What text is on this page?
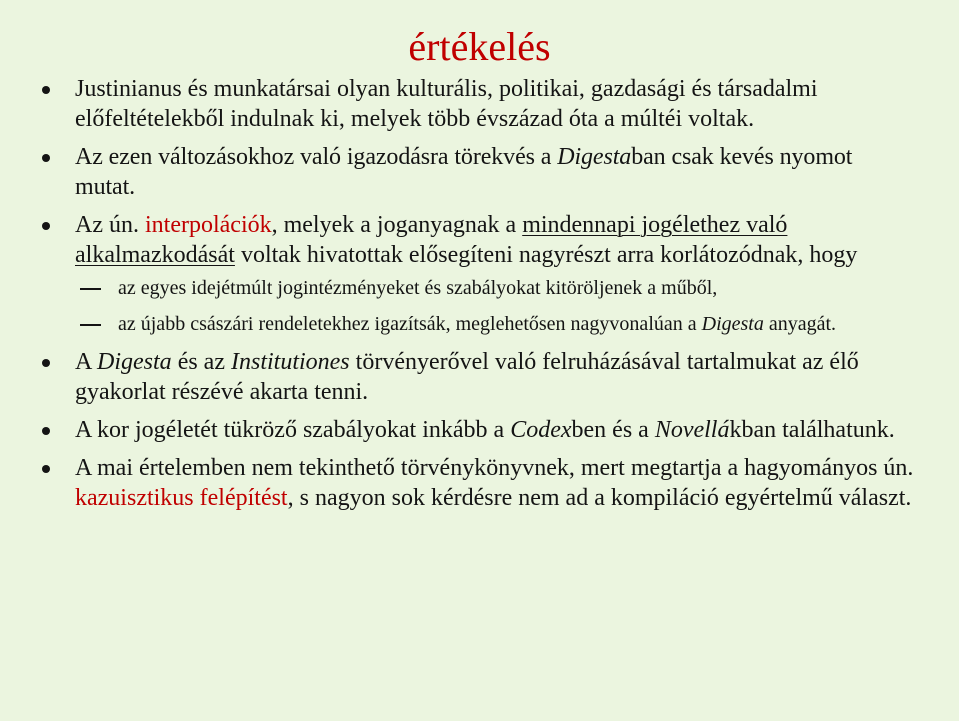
értékelés
Justinianus és munkatársai olyan kulturális, politikai, gazdasági és társadalmi előfeltételekből indulnak ki, melyek több évszázad óta a múltéi voltak.
Az ezen változásokhoz való igazodásra törekvés a Digestaban csak kevés nyomot mutat.
Az ún. interpolációk, melyek a joganyagnak a mindennapi jogélethez való alkalmazkodását voltak hivatottak elősegíteni nagyrészt arra korlátozódnak, hogy
az egyes idejétmúlt jogintézményeket és szabályokat kitöröljenek a műből,
az újabb császári rendeletekhez igazítsák, meglehetősen nagyvonalúan a Digesta anyagát.
A Digesta és az Institutiones törvényerővel való felruházásával tartalmukat az élő gyakorlat részévé akarta tenni.
A kor jogéletét tükröző szabályokat inkább a Codexben és a Novellákban találhatunk.
A mai értelemben nem tekinthető törvénykönyvnek, mert megtartja a hagyományos ún. kazuisztikus felépítést, s nagyon sok kérdésre nem ad a kompiláció egyértelmű választ.
